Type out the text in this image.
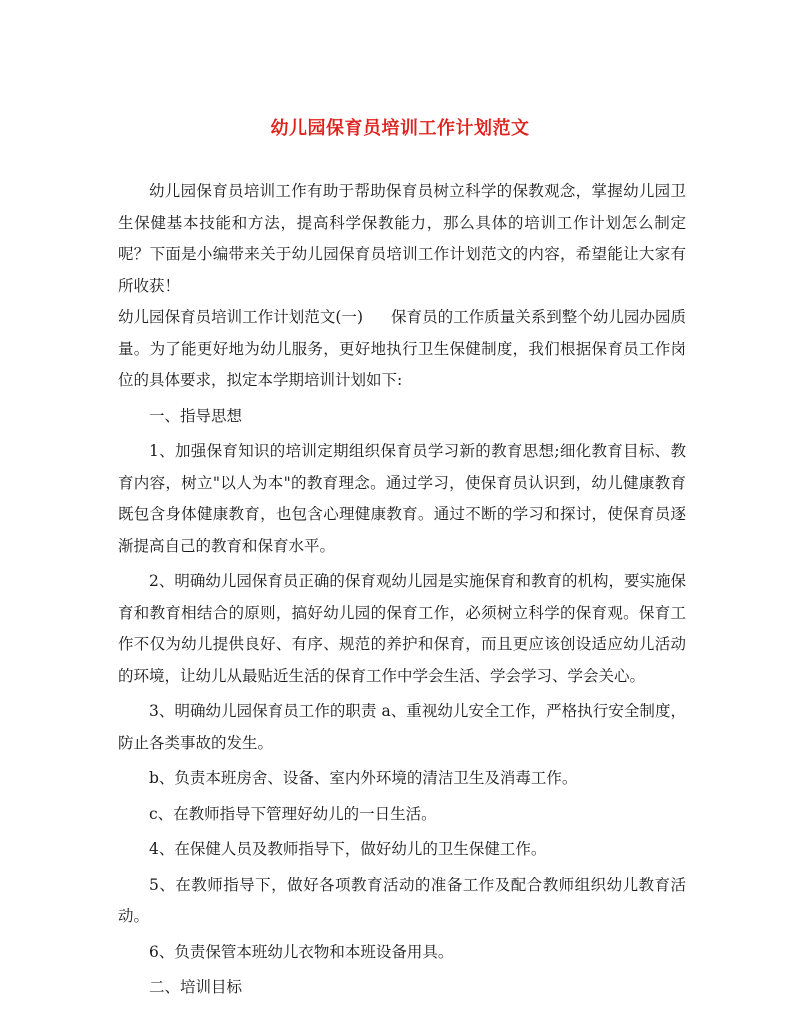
幼儿园保育员培训工作计划范文

幼儿园保育员培训工作有助于帮助保育员树立科学的保教观念，掌握幼儿园卫生保健基本技能和方法，提高科学保教能力，那么具体的培训工作计划怎么制定呢？下面是小编带来关于幼儿园保育员培训工作计划范文的内容，希望能让大家有所收获！

幼儿园保育员培训工作计划范文(一) 保育员的工作质量关系到整个幼儿园办园质量。为了能更好地为幼儿服务，更好地执行卫生保健制度，我们根据保育员工作岗位的具体要求，拟定本学期培训计划如下:

一、指导思想

1、加强保育知识的培训定期组织保育员学习新的教育思想;细化教育目标、教育内容，树立"以人为本"的教育理念。通过学习，使保育员认识到，幼儿健康教育既包含身体健康教育，也包含心理健康教育。通过不断的学习和探讨，使保育员逐渐提高自己的教育和保育水平。

2、明确幼儿园保育员正确的保育观幼儿园是实施保育和教育的机构，要实施保育和教育相结合的原则，搞好幼儿园的保育工作，必须树立科学的保育观。保育工作不仅为幼儿提供良好、有序、规范的养护和保育，而且更应该创设适应幼儿活动的环境，让幼儿从最贴近生活的保育工作中学会生活、学会学习、学会关心。

3、明确幼儿园保育员工作的职责 a、重视幼儿安全工作，严格执行安全制度，防止各类事故的发生。

b、负责本班房舍、设备、室内外环境的清洁卫生及消毒工作。

c、在教师指导下管理好幼儿的一日生活。

4、在保健人员及教师指导下，做好幼儿的卫生保健工作。

5、在教师指导下，做好各项教育活动的准备工作及配合教师组织幼儿教育活动。

6、负责保管本班幼儿衣物和本班设备用具。

二、培训目标
